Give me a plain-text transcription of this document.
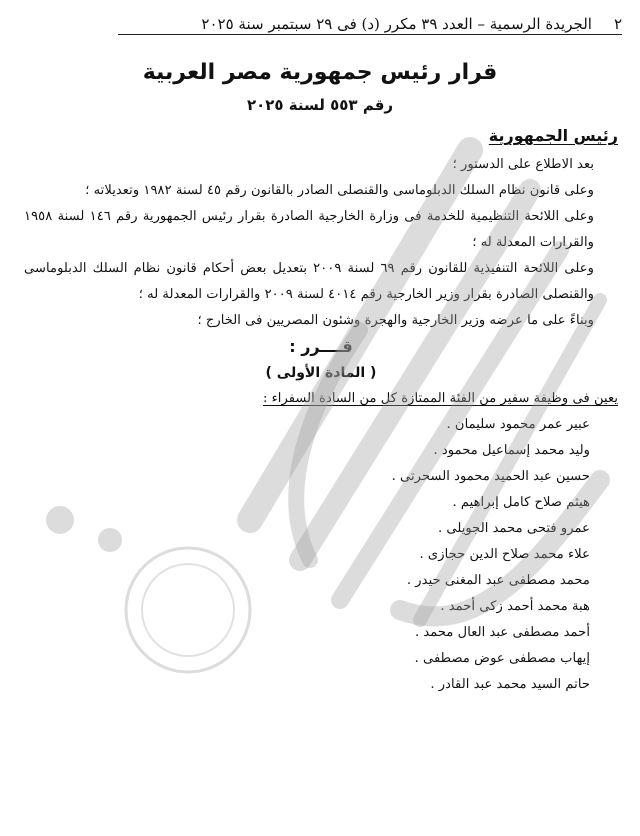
٢
الجريدة الرسمية – العدد ٣٩ مكرر (د) فى ٢٩ سبتمبر سنة ٢٠٢٥
قرار رئيس جمهورية مصر العربية
رقم ٥٥٣ لسنة ٢٠٢٥
رئيس الجمهورية

بعد الاطلاع على الدستور ؛

وعلى قانون نظام السلك الدبلوماسى والقنصلى الصادر بالقانون رقم ٤٥ لسنة ١٩٨٢ وتعديلاته ؛

وعلى اللائحة التنظيمية للخدمة فى وزارة الخارجية الصادرة بقرار رئيس الجمهورية رقم ١٤٦ لسنة ١٩٥٨ والقرارات المعدلة له ؛

وعلى اللائحة التنفيذية للقانون رقم ٦٩ لسنة ٢٠٠٩ بتعديل بعض أحكام قانون نظام السلك الدبلوماسى والقنصلى الصادرة بقرار وزير الخارجية رقم ٤٠١٤ لسنة ٢٠٠٩ والقرارات المعدلة له ؛

وبناءً على ما عرضه وزير الخارجية والهجرة وشئون المصريين فى الخارج ؛

قــــرر :

( المادة الأولى )

يعين فى وظيفة سفير من الفئة الممتازة كل من السادة السفراء :

عبير عمر محمود سليمان .
وليد محمد إسماعيل محمود .
حسين عبد الحميد محمود السحرتى .
هيثم صلاح كامل إبراهيم .
عمرو فتحى محمد الجويلى .
علاء محمد صلاح الدين حجازى .
محمد مصطفى عبد المغنى حيدر .
هبة محمد أحمد زكى أحمد .
أحمد مصطفى عبد العال محمد .
إيهاب مصطفى عوض مصطفى .
حاتم السيد محمد عبد القادر .
